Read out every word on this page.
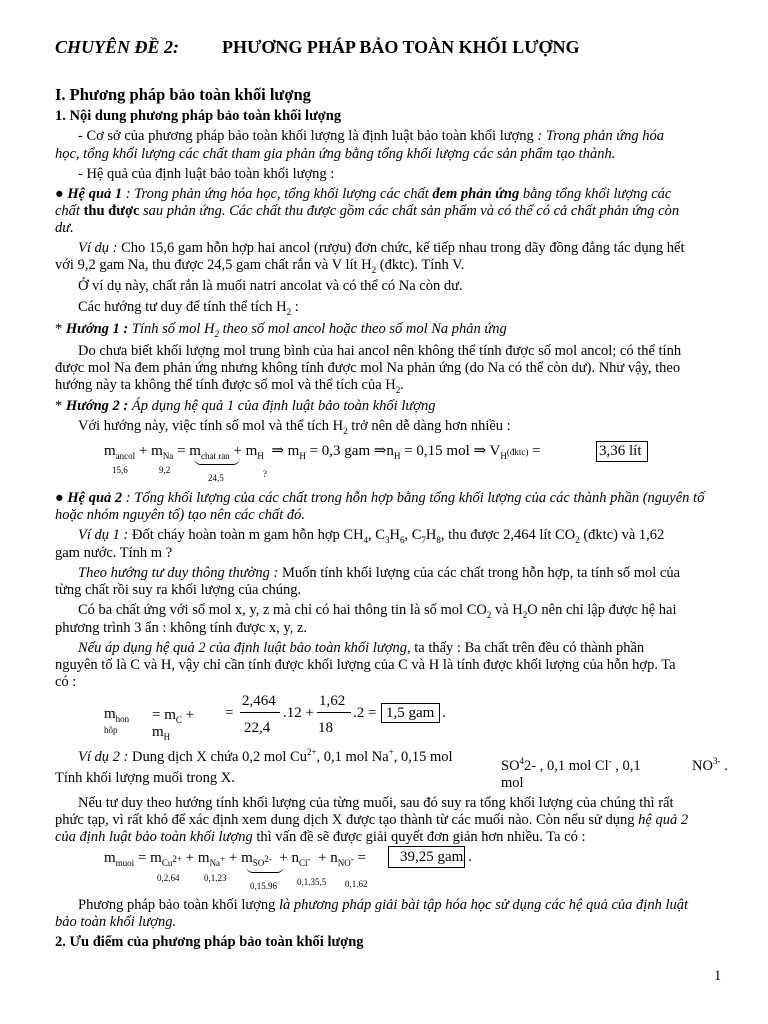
CHUYÊN ĐỀ 2: PHƯƠNG PHÁP BẢO TOÀN KHỐI LƯỢNG
I. Phương pháp bảo toàn khối lượng
1. Nội dung phương pháp bảo toàn khối lượng
- Cơ sở của phương pháp bảo toàn khối lượng là định luật bảo toàn khối lượng : Trong phản ứng hóa
học, tổng khối lượng các chất tham gia phản ứng bằng tổng khối lượng các sản phẩm tạo thành.
- Hệ quả của định luật bảo toàn khối lượng :
● Hệ quả 1 : Trong phản ứng hóa học, tổng khối lượng các chất đem phản ứng bằng tổng khối lượng các
chất thu được sau phản ứng. Các chất thu được gồm các chất sản phẩm và có thể có cả chất phản ứng còn
dư.
Ví dụ : Cho 15,6 gam hỗn hợp hai ancol (rượu) đơn chức, kế tiếp nhau trong dãy đồng đẳng tác dụng hết
với 9,2 gam Na, thu được 24,5 gam chất rắn và V lít $H_2$ (đktc). Tính V.
Ở ví dụ này, chất rắn là muối natri ancolat và có thể có Na còn dư.
Các hướng tư duy để tính thể tích $H_2$ :
* Hướng 1 : Tính số mol $H_2$ theo số mol ancol hoặc theo số mol Na phản ứng
Do chưa biết khối lượng mol trung bình của hai ancol nên không thể tính được số mol ancol; có thể tính
được mol Na đem phản ứng nhưng không tính được mol Na phản ứng (do Na có thể còn dư). Như vậy, theo
hướng này ta không thể tính được số mol và thể tích của $H_2$.
* Hướng 2 : Áp dụng hệ quả 1 của định luật bảo toàn khối lượng
Với hướng này, việc tính số mol và thể tích $H_2$ trở nên dễ dàng hơn nhiều :
$m_{ancol} + m_{Na} = m_{chat ran} + m_H$ ⇒ $m_H = 0,3$ gam $\Rightarrow n_H = 0,15$ mol ⇒ $V_H(đktc)$ =	3,36 lít
15,6	9,2
24,5	?
● Hệ quả 2 : Tổng khối lượng của các chất trong hỗn hợp bằng tổng khối lượng của các thành phần (nguyên tố
hoặc nhóm nguyên tố) tạo nên các chất đó.
Ví dụ 1 : Đốt cháy hoàn toàn m gam hỗn hợp $CH_4$, $C_3H_6$, $C_7H_8$, thu được 2,464 lít $CO_2$ (đktc) và 1,62
gam nước. Tính m ?
Theo hướng tư duy thông thường : Muốn tính khối lượng của các chất trong hỗn hợp, ta tính số mol của
từng chất rồi suy ra khối lượng của chúng.
Có ba chất ứng với số mol x, y, z mà chỉ có hai thông tin là số mol $CO_2$ và $H_2O$ nên chỉ lập được hệ hai
phương trình 3 ẩn : không tính được x, y, z.
Nếu áp dụng hệ quả 2 của định luật bảo toàn khối lượng, ta thấy : Ba chất trên đều có thành phần
nguyên tố là C và H, vậy chỉ cần tính được khối lượng của C và H là tính được khối lượng của hỗn hợp. Ta
có :
$m_{hon}$
hôp
= $m_C$ +
$m_H$
=
2,464
22,4
.12 +
1,62
18
.2 = 1,5 gam .
Ví dụ 2 : Dung dịch X chứa 0,2 mol $Cu^{2+}$, 0,1 mol Na+, 0,15 mol
$SO^42-$ , 0,1 mol Cl- , 0,1	$NO^{3-}$ .
mol
Tính khối lượng muối trong X.
Nếu tư duy theo hướng tính khối lượng của từng muối, sau đó suy ra tổng khối lượng của chúng thì rất
phức tạp, vì rất khó để xác định xem dung dịch X được tạo thành từ các muối nào. Còn nếu sử dụng hệ quả 2
của định luật bảo toàn khối lượng thì vấn đề sẽ được giải quyết đơn giản hơn nhiều. Ta có :
$m_{muoi} = m_{Cu^{2+}} + m_{Na^+} + m_{SO^{2-}} + n_{Cl^-} + n_{NO^-} = 39,25$ gam .
0,2.64	0,1.23
0,15.96 0,1.35,5 0,1.62
Phương pháp bảo toàn khối lượng là phương pháp giải bài tập hóa học sử dụng các hệ quả của định luật
bảo toàn khối lượng.
2. Ưu điểm của phương pháp bảo toàn khối lượng
1
